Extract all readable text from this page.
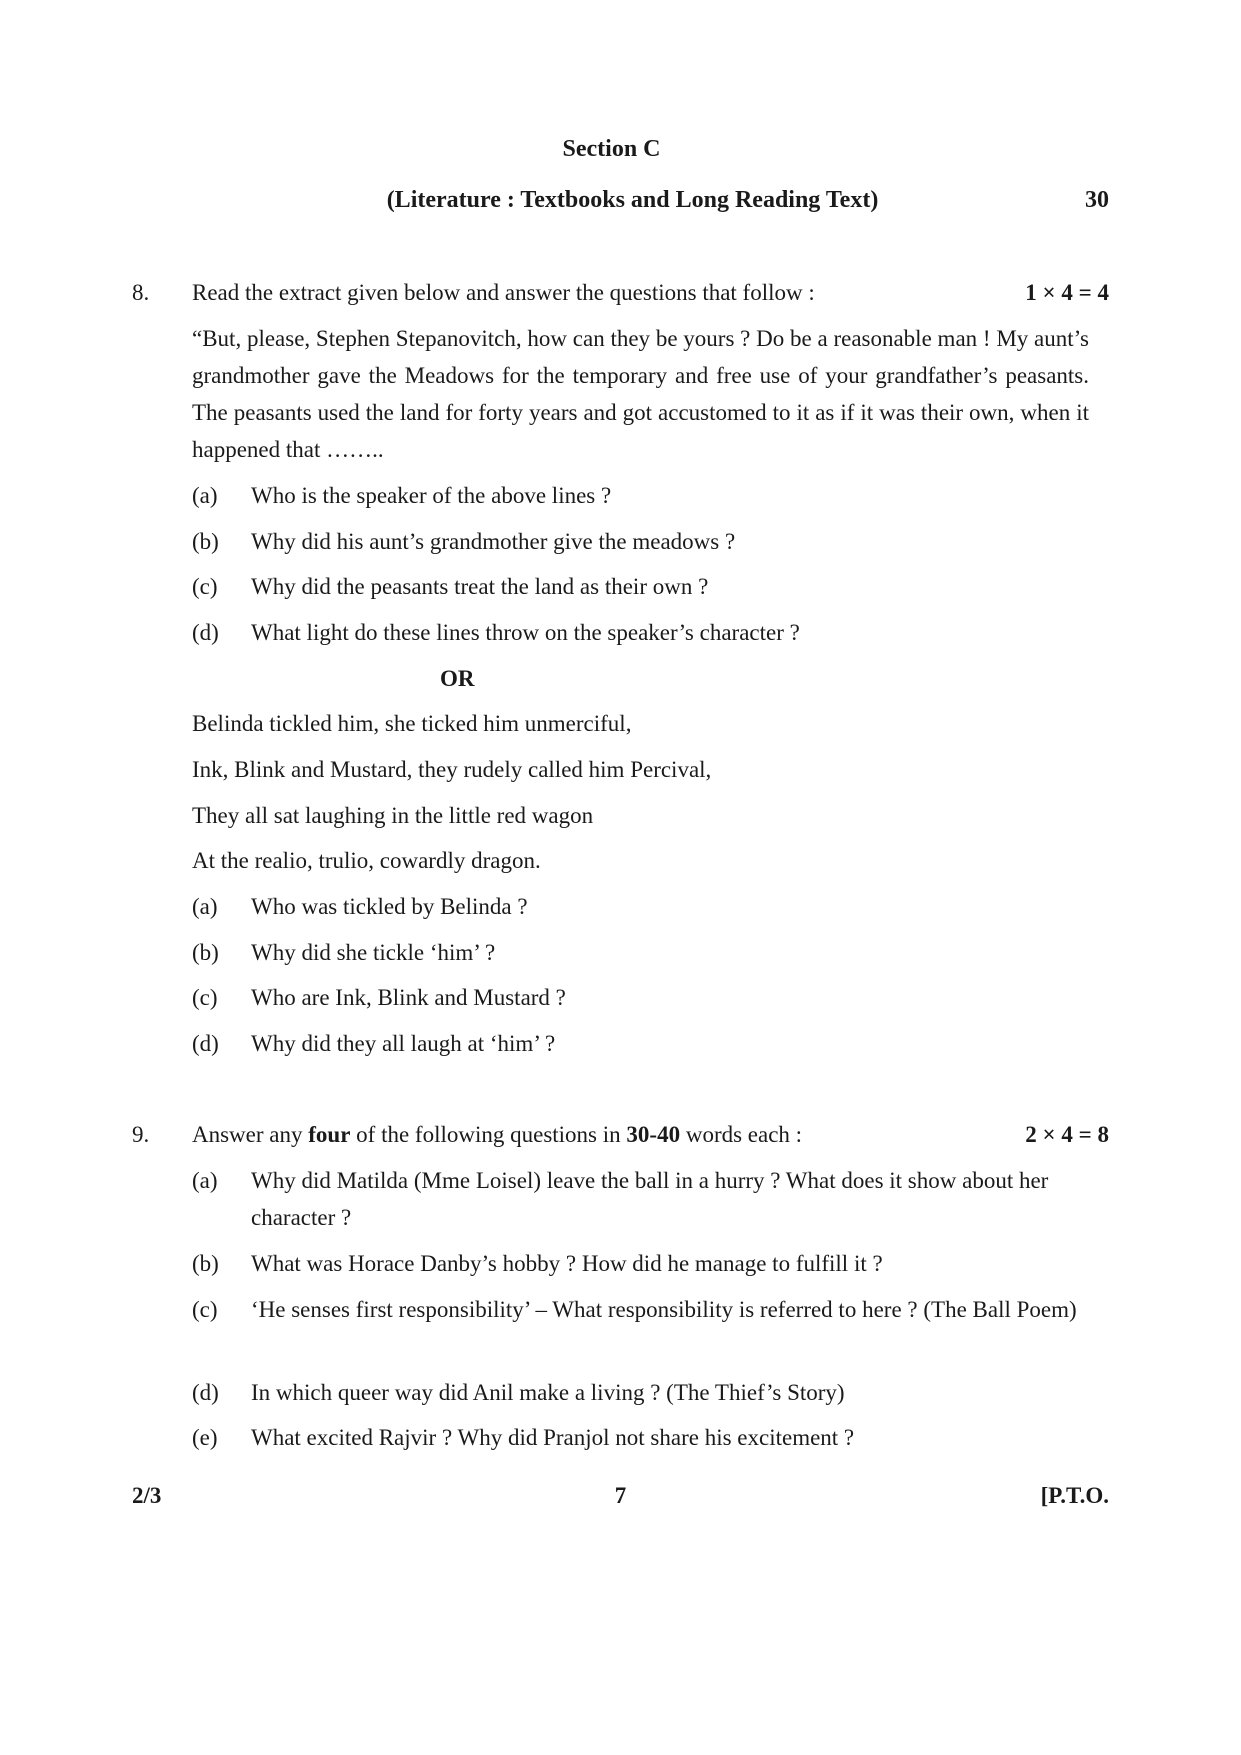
Section C
(Literature : Textbooks and Long Reading Text)	30
8. Read the extract given below and answer the questions that follow :	1 × 4 = 4
“But, please, Stephen Stepanovitch, how can they be yours ? Do be a reasonable man ! My aunt’s grandmother gave the Meadows for the temporary and free use of your grandfather’s peasants. The peasants used the land for forty years and got accustomed to it as if it was their own, when it happened that ……..
(a) Who is the speaker of the above lines ?
(b) Why did his aunt’s grandmother give the meadows ?
(c) Why did the peasants treat the land as their own ?
(d) What light do these lines throw on the speaker’s character ?
OR
Belinda tickled him, she ticked him unmerciful,
Ink, Blink and Mustard, they rudely called him Percival,
They all sat laughing in the little red wagon
At the realio, trulio, cowardly dragon.
(a) Who was tickled by Belinda ?
(b) Why did she tickle ‘him’ ?
(c) Who are Ink, Blink and Mustard ?
(d) Why did they all laugh at ‘him’ ?
9. Answer any four of the following questions in 30-40 words each :	2 × 4 = 8
(a) Why did Matilda (Mme Loisel) leave the ball in a hurry ? What does it show about her character ?
(b) What was Horace Danby’s hobby ? How did he manage to fulfill it ?
(c) ‘He senses first responsibility’ – What responsibility is referred to here ? (The Ball Poem)
(d) In which queer way did Anil make a living ? (The Thief’s Story)
(e) What excited Rajvir ? Why did Pranjol not share his excitement ?
2/3	7	[P.T.O.
